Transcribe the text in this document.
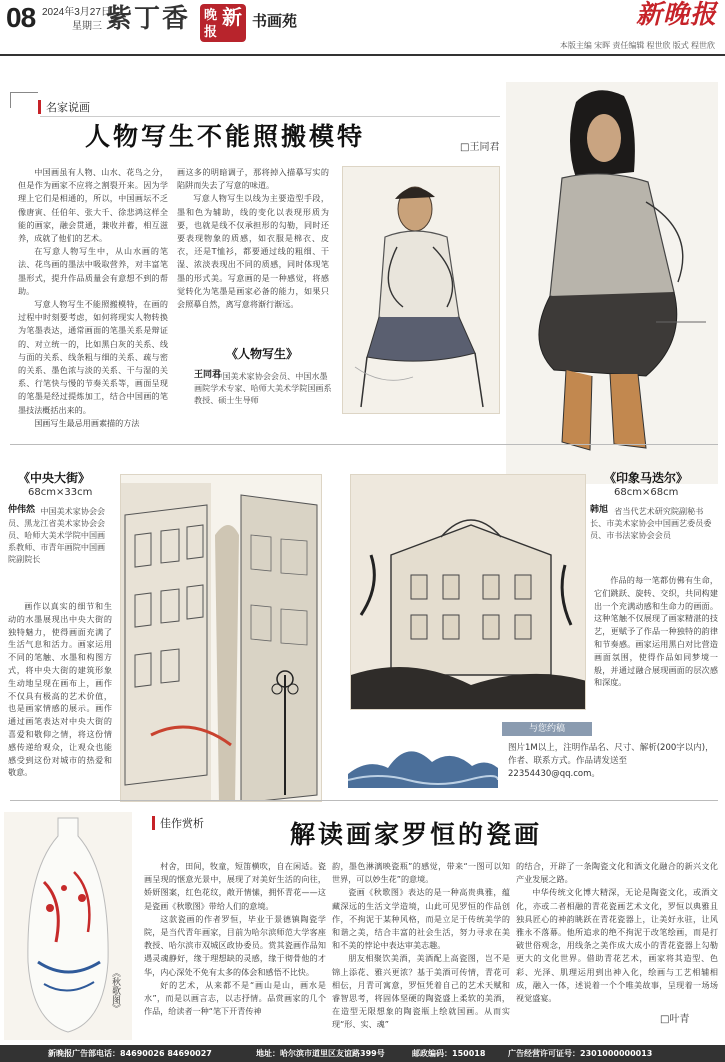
08 2024年3月27日
星期三 紫丁香 晚 新
报
书画苑	新晚报
本版主编 宋晖 责任编辑 程世欣 版式 程世欣
名家说画
人物写生不能照搬模特	□王同君

中国画虽有人物、山水、花鸟之分，但是作为画家不应将之割裂开来。因为学理上它们是相通的，所以，中国画坛不乏像唐寅、任伯年、张大千、徐悲鸿这样全能的画家，融会贯通，兼收并蓄，相互滋养，成就了他们的艺术。

在写意人物写生中，从山水画的笔法、花鸟画的墨法中吸取营养，对丰富笔墨形式，提升作品质量会有意想不到的帮助。

写意人物写生不能照搬模特，在画的过程中时刻要考虑，如何将现实人物转换为笔墨表达，通常画面的笔墨关系是辩证的、对立统一的，比如黑白灰的关系、线与面的关系、线条粗与细的关系、疏与密的关系、墨色浓与淡的关系、干与湿的关系、行笔快与慢的节奏关系等，画面呈现的笔墨是经过提炼加工，结合中国画的笔墨技法概括出来的。

国画写生最忌用画素描的方法

画这多的明暗调子，那将掉入描摹写实的陷阱而失去了写意的味道。

写意人物写生以线为主要造型手段，墨和色为辅助，线的变化以表现形质为要，也就是线不仅承担形的勾勒，同时还要表现物象的质感，如衣服是棉衣、皮衣，还是T恤衫，都要通过线的粗细、干湿、浓淡表现出不同的质感，同时体现笔墨的形式美。写意画的是一种感觉，将感觉转化为笔墨是画家必备的能力，如果只会照摹自然，离写意将渐行渐远。

《人物写生》
中国美术家协会会员、中国水墨画院学术专家、哈师大美术学院国画系教授、硕士生导师
王同君
《中央大街》
68cm×33cm
中国美术家协会会员、黑龙江省美术家协会会员、哈师大美术学院中国画系教师、市青年画院中国画院副院长
仲伟然

画作以真实的细节和生动的水墨展现出中央大街的独特魅力，使得画面充满了生活气息和活力。画家运用不同的笔触、水墨和构图方式，将中央大街的建筑形象生动地呈现在画布上，画作不仅具有极高的艺术价值，也是画家情感的展示。画作通过画笔表达对中央大街的喜爱和敬仰之情，将这份情感传递给观众，让观众也能感受到这份对城市的热爱和敬意。

《印象马迭尔》
68cm×68cm
省当代艺术研究院副秘书长、市美术家协会中国画艺委员委员、市书法家协会会员
韩旭

作品的每一笔都仿佛有生命，它们跳跃、旋转、交织，共同构建出一个充满动感和生命力的画面。这种笔触不仅展现了画家精湛的技艺，更赋予了作品一种独特的韵律和节奏感。画家运用黑白对比营造画面氛围，使得作品如同梦境一般，并通过融合展现画面的层次感和深度。

与您约稿
图片1M以上，注明作品名、尺寸、解析(200字以内)，作者、联系方式。作品请发送至22354430@qq.com。
《秋歌图》
佳作赏析	解读画家罗恒的瓷画

村舍，田间，牧童，短笛横吹，自在闲适。瓷画呈现的惬意光景中，展现了对美好生活的向往，娇妍图案，红色花纹，敞开情愫，拥怀青花——这是瓷画《秋歌图》带给人们的意境。

这款瓷画的作者罗恒，毕业于景德镇陶瓷学院，是当代青年画家，目前为哈尔滨师范大学客座教授、哈尔滨市双城区政协委员。赏其瓷画作品知遇灵魂静好，缘于理想缺的灵感，缘于彻骨他的才华，内心深处不免有太多的体会和感悟不比快。

好的艺术，从来都不是“画山是山，画水是水”，而是以画言志，以志抒情。品赏画家的几个作品，给读者一种“笔下开青传神

韵，墨色淋漓映瓷瓶”的感觉，带来“一图可以知世界，可以妙生花”的意境。

瓷画《秋歌图》表达的是一种高贵典雅，蕴藏深远的生活文学造境，山此可见罗恒的作品创作，不拘泥于某种风格，而是立足于传统美学的和谐之美，结合丰富的社会生活，努力寻求在美和不美的悖论中表达审美志趣。

朋友相聚饮美酒，美酒配上高瓷图，岂不是锦上添花、雅兴更浓？基于美酒可传情，青花可相伝，月青可寓意，罗恒凭着自己的艺术天赋和睿智思考，将固体坚硬的陶瓷盛上柔软的美酒，在造型无限想象的陶瓷瓶上绘就国画。从而实现“形、实、魂”

的结合，开辟了一条陶瓷文化和酒文化融合的新兴文化产业发展之路。

中华传统文化博大精深，无论是陶瓷文化，或酒文化，亦或二者相融的青花瓷画艺术文化，罗恒以典雅且独具匠心的神韵眺跃在青花瓷器上，让美好永驻，让风雅永不落幕。他所追求的绝不拘泥于改笔绘画，而是打破世俗观念，用线条之美作成大成小的青花瓷器上勾勒更大的文化世界。借助青花艺术，画家将其造型、色彩、光泽、肌理运用到出神入化，绘画与工艺相辅相成，融入一体，述说着一个个唯美故事，呈现着一场场视觉盛宴。

□叶青
新晚报广告部电话：84690026 84690027	地址：哈尔滨市道里区友谊路399号	邮政编码：150018	广告经营许可证号：2301000000013
